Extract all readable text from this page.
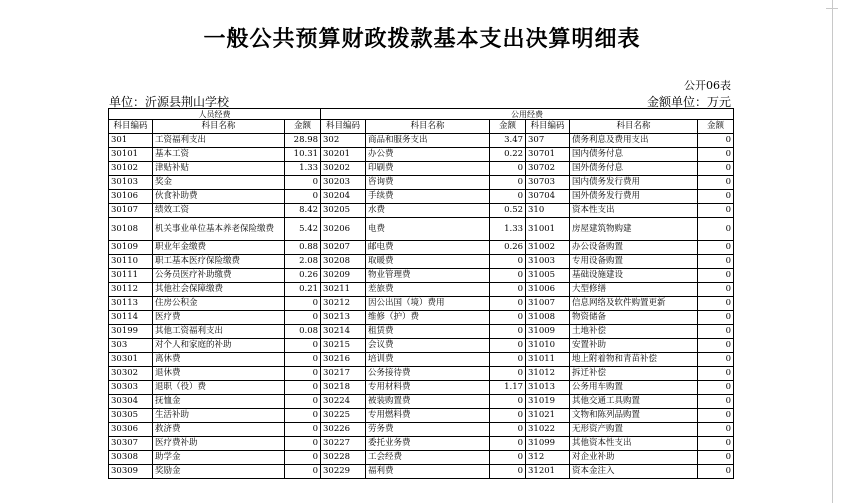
一般公共预算财政拨款基本支出决算明细表
公开06表
单位：沂源县荆山学校	金额单位：万元
人员经费			公用经费					
科目编码	科目名称	金额	科目编码	科目名称	金额	科目编码	科目名称	金额
301	工资福利支出	28.98	302	商品和服务支出	3.47	307	债务利息及费用支出	0
30101	基本工资	10.31	30201	办公费	0.22	30701	国内债务付息	0
30102	津贴补贴	1.33	30202	印刷费	0	30702	国外债务付息	0
30103	奖金	0	30203	咨询费	0	30703	国内债务发行费用	0
30106	伙食补助费	0	30204	手续费	0	30704	国外债务发行费用	0
30107	绩效工资	8.42	30205	水费	0.52	310	资本性支出	0
30108	机关事业单位基本养老保险缴费	5.42	30206	电费	1.33	31001	房屋建筑物购建	0
30109	职业年金缴费	0.88	30207	邮电费	0.26	31002	办公设备购置	0
30110	职工基本医疗保险缴费	2.08	30208	取暖费	0	31003	专用设备购置	0
30111	公务员医疗补助缴费	0.26	30209	物业管理费	0	31005	基础设施建设	0
30112	其他社会保障缴费	0.21	30211	差旅费	0	31006	大型修缮	0
30113	住房公积金	0	30212	因公出国（境）费用	0	31007	信息网络及软件购置更新	0
30114	医疗费	0	30213	维修（护）费	0	31008	物资储备	0
30199	其他工资福利支出	0.08	30214	租赁费	0	31009	土地补偿	0
303	对个人和家庭的补助	0	30215	会议费	0	31010	安置补助	0
30301	离休费	0	30216	培训费	0	31011	地上附着物和青苗补偿	0
30302	退休费	0	30217	公务接待费	0	31012	拆迁补偿	0
30303	退职（役）费	0	30218	专用材料费	1.17	31013	公务用车购置	0
30304	抚恤金	0	30224	被装购置费	0	31019	其他交通工具购置	0
30305	生活补助	0	30225	专用燃料费	0	31021	文物和陈列品购置	0
30306	救济费	0	30226	劳务费	0	31022	无形资产购置	0
30307	医疗费补助	0	30227	委托业务费	0	31099	其他资本性支出	0
30308	助学金	0	30228	工会经费	0	312	对企业补助	0
30309	奖励金	0	30229	福利费	0	31201	资本金注入	0
